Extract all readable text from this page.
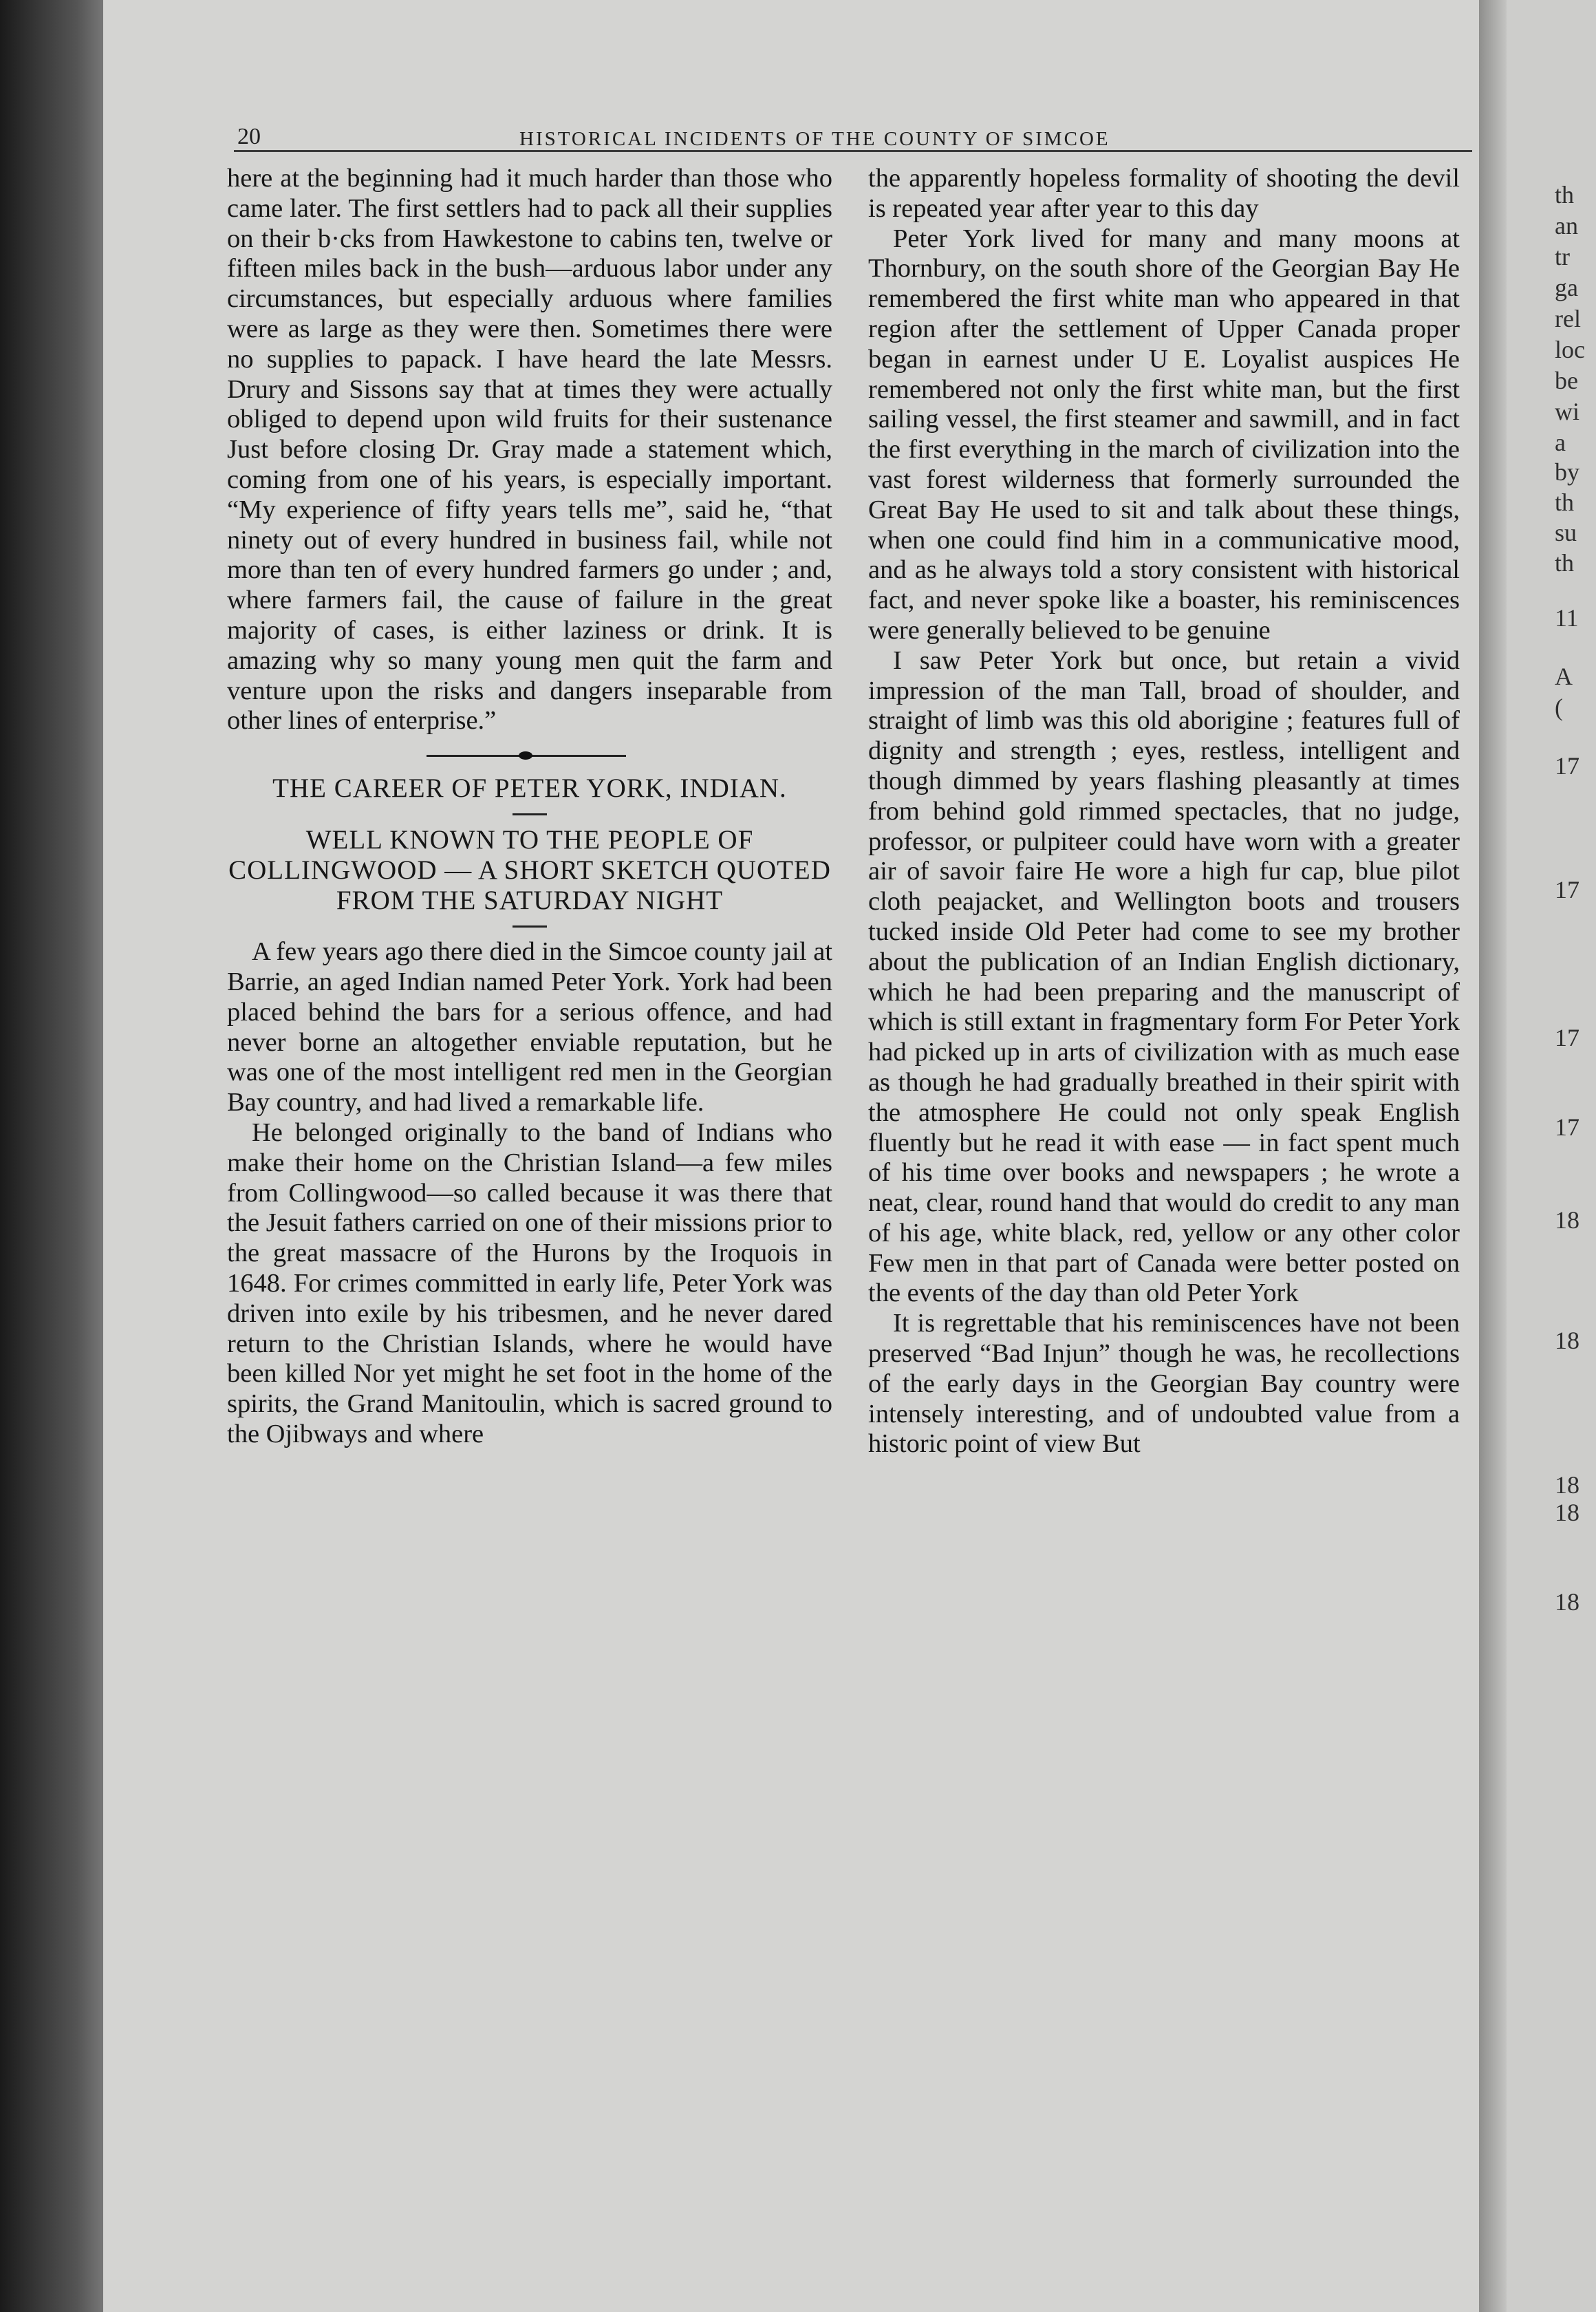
th
an
tr
ga
rel
loc
be
wi
a
by
th
su
th
11
A
(
17
17
17
17
18
18
18
18
18
20	HISTORICAL INCIDENTS OF THE COUNTY OF SIMCOE

here at the beginning had it much harder than those who came later. The first settlers had to pack all their supplies on their b·cks from Hawkestone to cabins ten, twelve or fifteen miles back in the bush—arduous labor under any circumstances, but especially arduous where families were as large as they were then. Sometimes there were no supplies to papack. I have heard the late Messrs. Drury and Sissons say that at times they were actually obliged to depend upon wild fruits for their sustenance Just before closing Dr. Gray made a statement which, coming from one of his years, is especially important. “My experience of fifty years tells me”, said he, “that ninety out of every hundred in business fail, while not more than ten of every hundred farmers go under ; and, where farmers fail, the cause of failure in the great majority of cases, is either laziness or drink. It is amazing why so many young men quit the farm and venture upon the risks and dangers inseparable from other lines of enterprise.”

THE CAREER OF PETER YORK, INDIAN.
WELL KNOWN TO THE PEOPLE OF COLLINGWOOD — A SHORT SKETCH QUOTED FROM THE SATURDAY NIGHT

A few years ago there died in the Simcoe county jail at Barrie, an aged Indian named Peter York. York had been placed behind the bars for a serious offence, and had never borne an altogether enviable reputation, but he was one of the most intelligent red men in the Georgian Bay country, and had lived a remarkable life.

He belonged originally to the band of Indians who make their home on the Christian Island—a few miles from Collingwood—so called because it was there that the Jesuit fathers carried on one of their missions prior to the great massacre of the Hurons by the Iroquois in 1648. For crimes committed in early life, Peter York was driven into exile by his tribesmen, and he never dared return to the Christian Islands, where he would have been killed Nor yet might he set foot in the home of the spirits, the Grand Manitoulin, which is sacred ground to the Ojibways and where

the apparently hopeless formality of shooting the devil is repeated year after year to this day

Peter York lived for many and many moons at Thornbury, on the south shore of the Georgian Bay He remembered the first white man who appeared in that region after the settlement of Upper Canada proper began in earnest under U E. Loyalist auspices He remembered not only the first white man, but the first sailing vessel, the first steamer and sawmill, and in fact the first everything in the march of civilization into the vast forest wilderness that formerly surrounded the Great Bay He used to sit and talk about these things, when one could find him in a communicative mood, and as he always told a story consistent with historical fact, and never spoke like a boaster, his reminiscences were generally believed to be genuine

I saw Peter York but once, but retain a vivid impression of the man Tall, broad of shoulder, and straight of limb was this old aborigine ; features full of dignity and strength ; eyes, restless, intelligent and though dimmed by years flashing pleasantly at times from behind gold rimmed spectacles, that no judge, professor, or pulpiteer could have worn with a greater air of savoir faire He wore a high fur cap, blue pilot cloth peajacket, and Wellington boots and trousers tucked inside Old Peter had come to see my brother about the publication of an Indian English dictionary, which he had been preparing and the manuscript of which is still extant in fragmentary form For Peter York had picked up in arts of civilization with as much ease as though he had gradually breathed in their spirit with the atmosphere He could not only speak English fluently but he read it with ease — in fact spent much of his time over books and newspapers ; he wrote a neat, clear, round hand that would do credit to any man of his age, white black, red, yellow or any other color Few men in that part of Canada were better posted on the events of the day than old Peter York

It is regrettable that his reminiscences have not been preserved “Bad Injun” though he was, he recollections of the early days in the Georgian Bay country were intensely interesting, and of undoubted value from a historic point of view But
